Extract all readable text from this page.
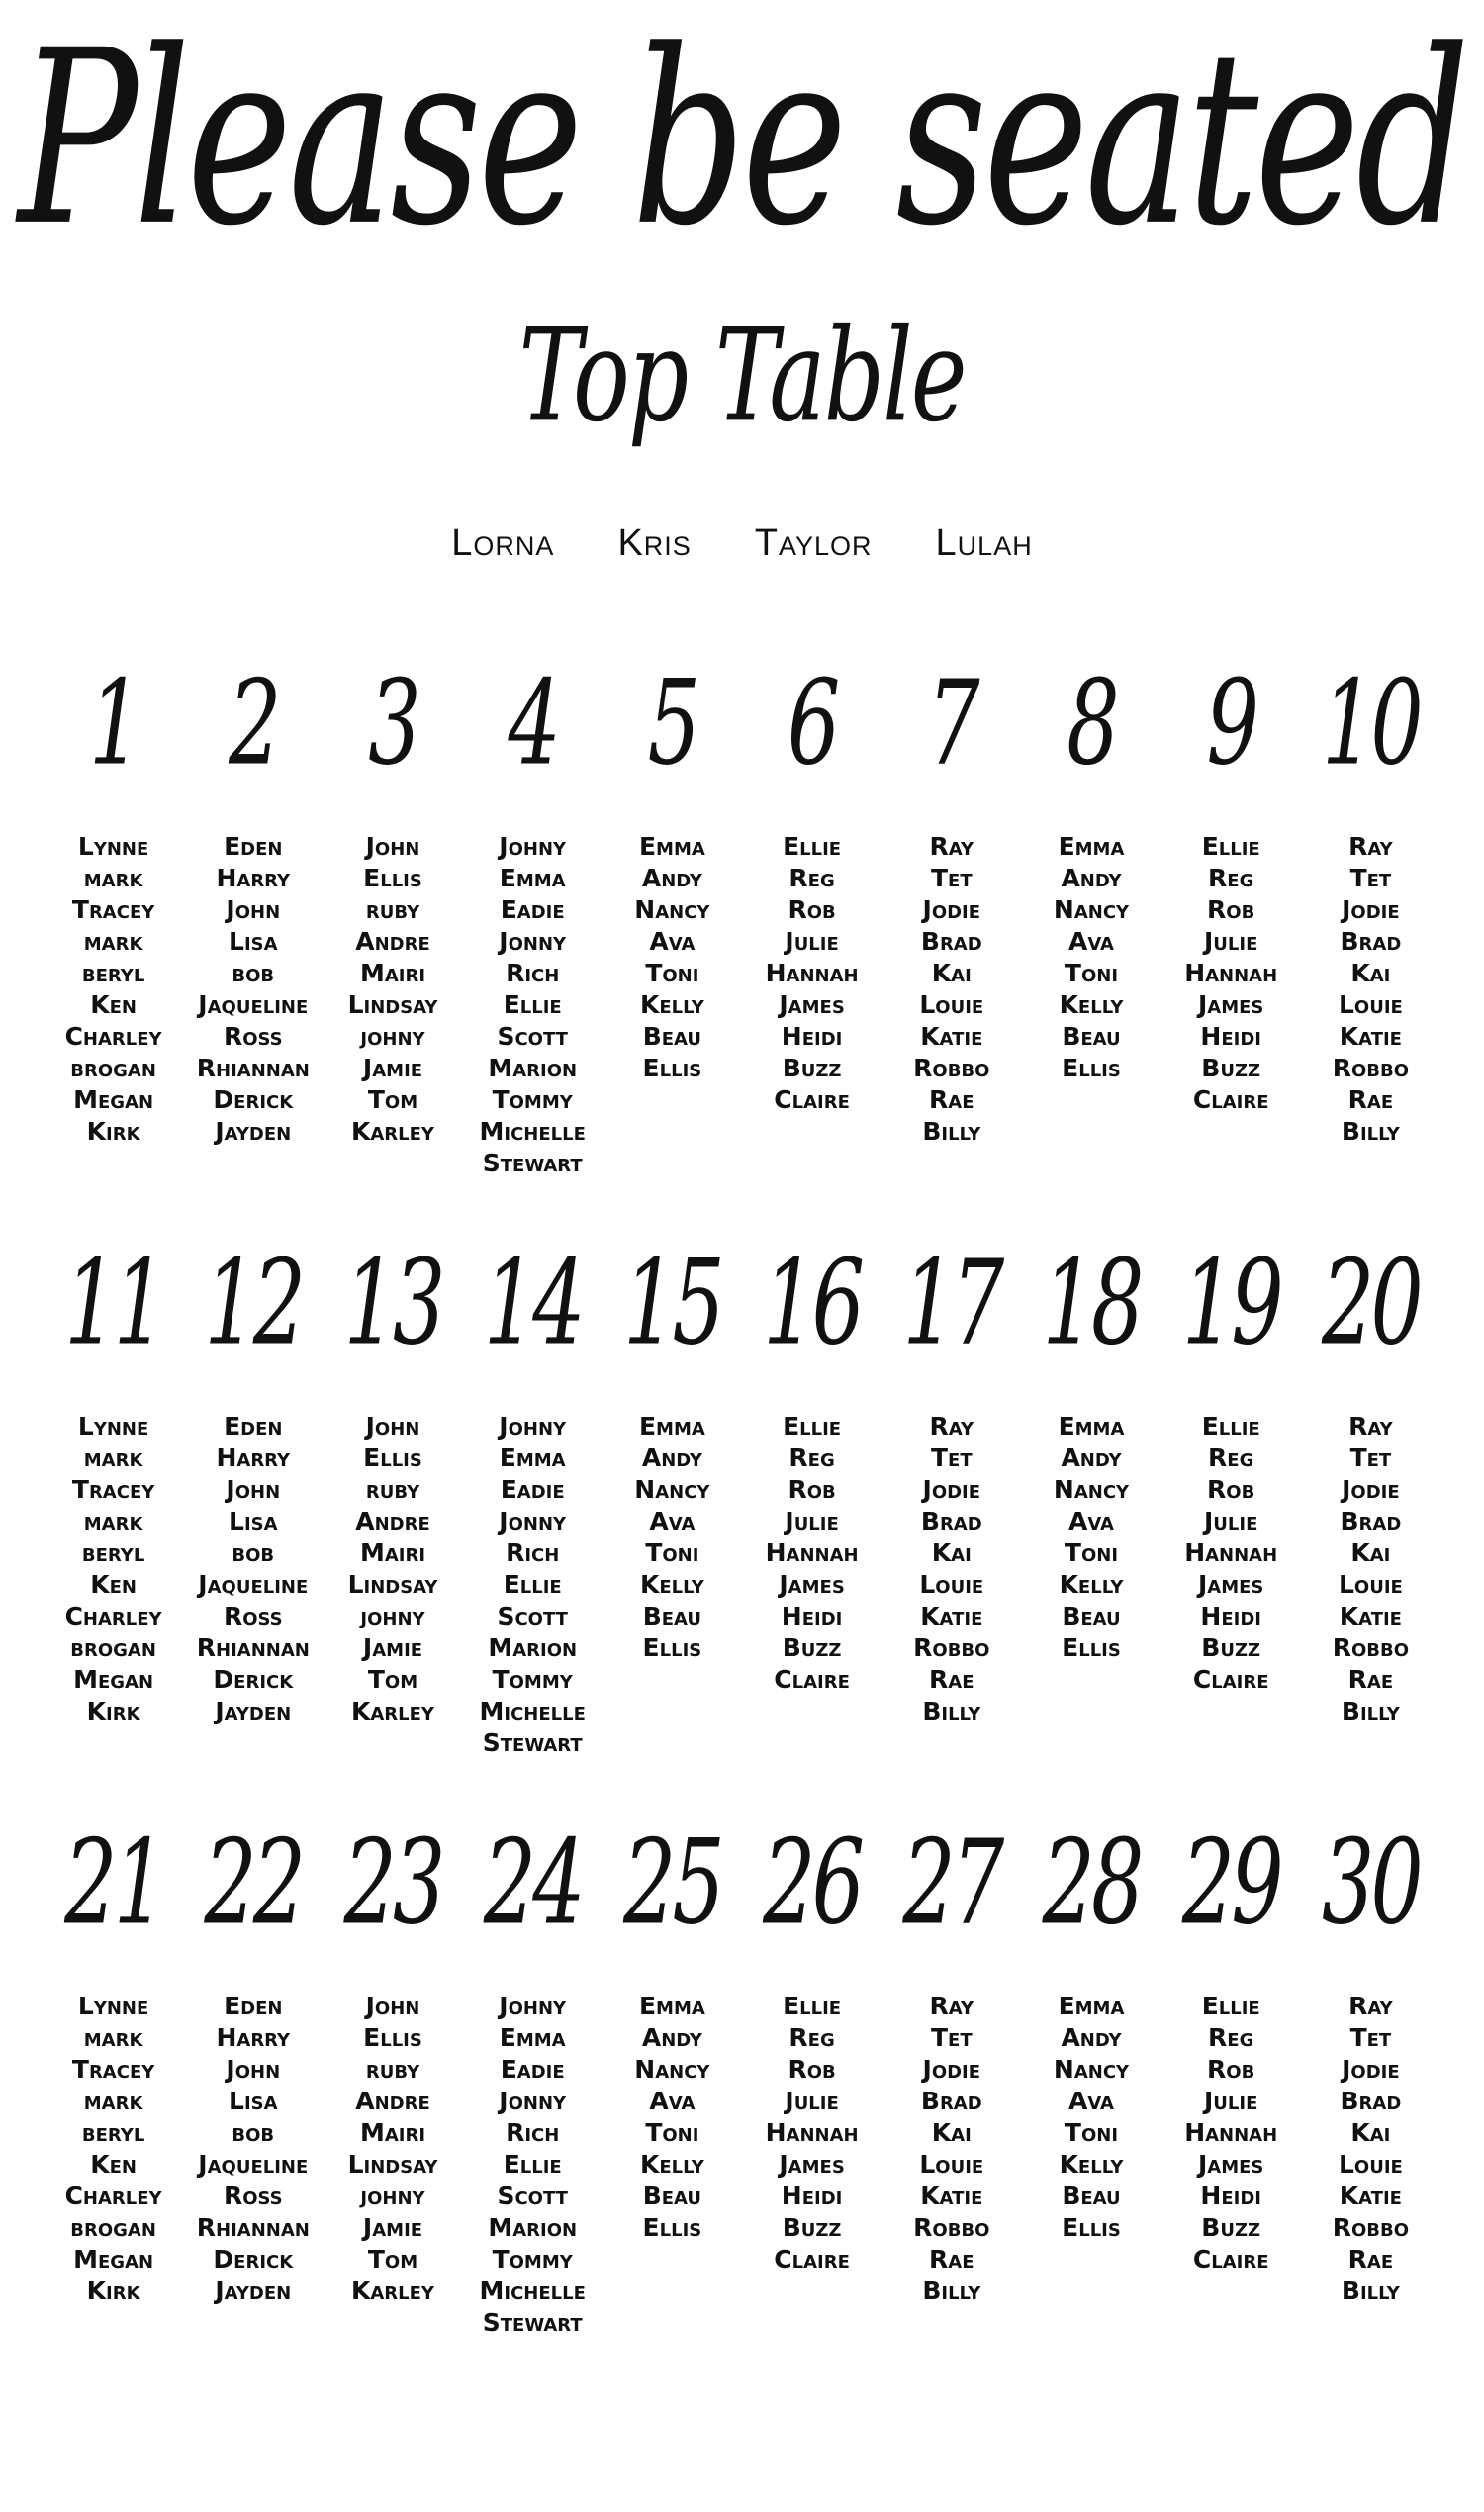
Please be seated
Top Table
Lorna Kris Taylor Lulah
1
Lynne
mark
Tracey
mark
beryl
Ken
Charley
brogan
Megan
Kirk
2
Eden
Harry
John
Lisa
bob
Jaqueline
Ross
Rhiannan
Derick
Jayden
3
John
Ellis
ruby
Andre
Mairi
Lindsay
johny
Jamie
Tom
Karley
4
Johny
Emma
Eadie
Jonny
Rich
Ellie
Scott
Marion
Tommy
Michelle
Stewart
5
Emma
Andy
Nancy
Ava
Toni
Kelly
Beau
Ellis
6
Ellie
Reg
Rob
Julie
Hannah
James
Heidi
Buzz
Claire
7
Ray
Tet
Jodie
Brad
Kai
Louie
Katie
Robbo
Rae
Billy
8
Emma
Andy
Nancy
Ava
Toni
Kelly
Beau
Ellis
9
Ellie
Reg
Rob
Julie
Hannah
James
Heidi
Buzz
Claire
10
Ray
Tet
Jodie
Brad
Kai
Louie
Katie
Robbo
Rae
Billy
11
Lynne
mark
Tracey
mark
beryl
Ken
Charley
brogan
Megan
Kirk
12
Eden
Harry
John
Lisa
bob
Jaqueline
Ross
Rhiannan
Derick
Jayden
13
John
Ellis
ruby
Andre
Mairi
Lindsay
johny
Jamie
Tom
Karley
14
Johny
Emma
Eadie
Jonny
Rich
Ellie
Scott
Marion
Tommy
Michelle
Stewart
15
Emma
Andy
Nancy
Ava
Toni
Kelly
Beau
Ellis
16
Ellie
Reg
Rob
Julie
Hannah
James
Heidi
Buzz
Claire
17
Ray
Tet
Jodie
Brad
Kai
Louie
Katie
Robbo
Rae
Billy
18
Emma
Andy
Nancy
Ava
Toni
Kelly
Beau
Ellis
19
Ellie
Reg
Rob
Julie
Hannah
James
Heidi
Buzz
Claire
20
Ray
Tet
Jodie
Brad
Kai
Louie
Katie
Robbo
Rae
Billy
21
Lynne
mark
Tracey
mark
beryl
Ken
Charley
brogan
Megan
Kirk
22
Eden
Harry
John
Lisa
bob
Jaqueline
Ross
Rhiannan
Derick
Jayden
23
John
Ellis
ruby
Andre
Mairi
Lindsay
johny
Jamie
Tom
Karley
24
Johny
Emma
Eadie
Jonny
Rich
Ellie
Scott
Marion
Tommy
Michelle
Stewart
25
Emma
Andy
Nancy
Ava
Toni
Kelly
Beau
Ellis
26
Ellie
Reg
Rob
Julie
Hannah
James
Heidi
Buzz
Claire
27
Ray
Tet
Jodie
Brad
Kai
Louie
Katie
Robbo
Rae
Billy
28
Emma
Andy
Nancy
Ava
Toni
Kelly
Beau
Ellis
29
Ellie
Reg
Rob
Julie
Hannah
James
Heidi
Buzz
Claire
30
Ray
Tet
Jodie
Brad
Kai
Louie
Katie
Robbo
Rae
Billy
